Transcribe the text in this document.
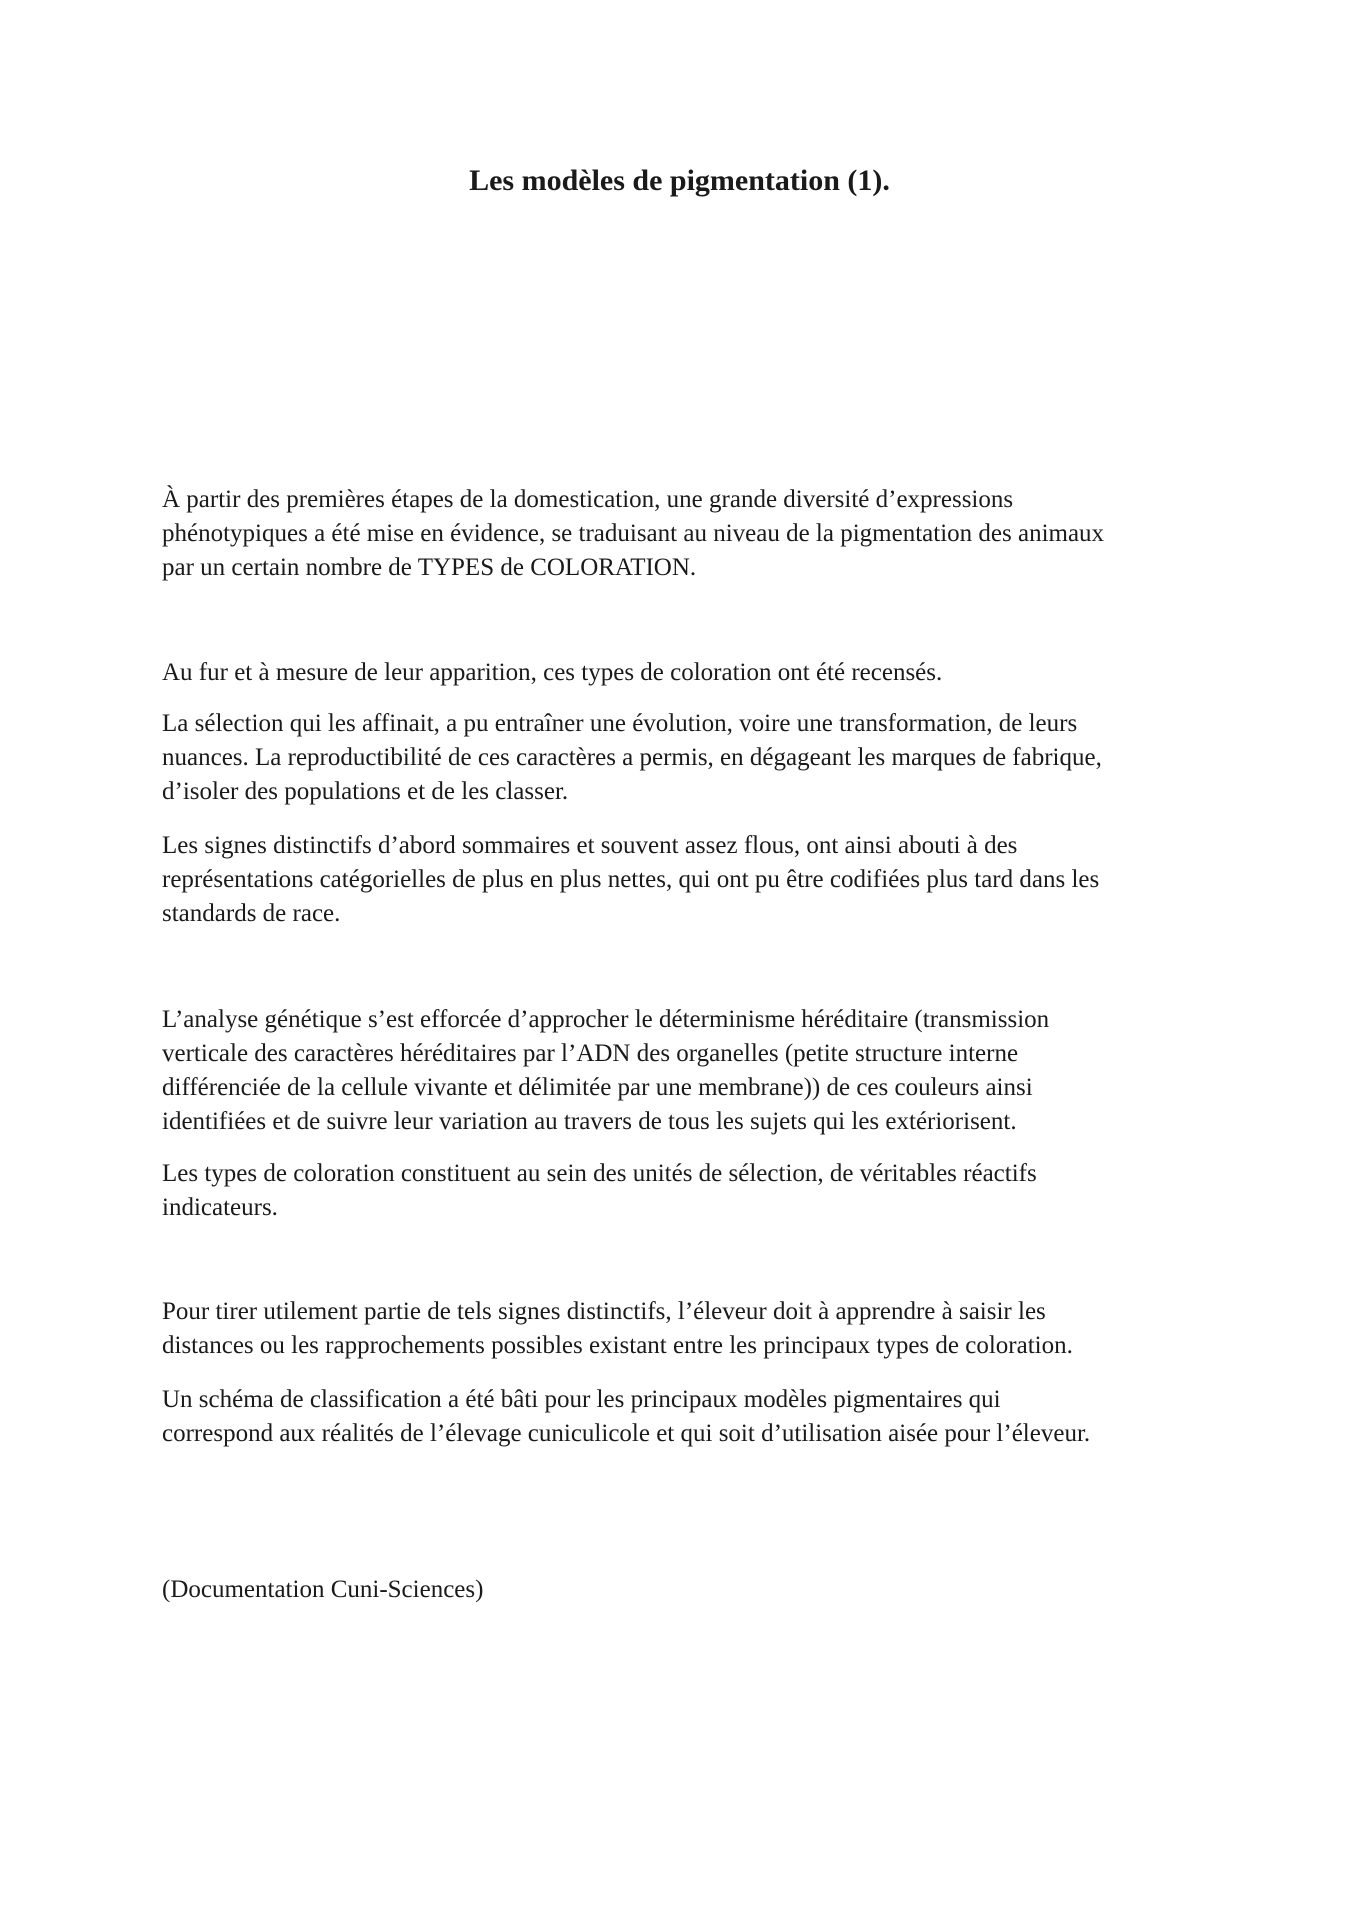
Les modèles de pigmentation (1).

À partir des premières étapes de la domestication, une grande diversité d’expressions
phénotypiques a été mise en évidence, se traduisant au niveau de la pigmentation des animaux
par un certain nombre de TYPES de COLORATION.

Au fur et à mesure de leur apparition, ces types de coloration ont été recensés.

La sélection qui les affinait, a pu entraîner une évolution, voire une transformation, de leurs
nuances. La reproductibilité de ces caractères a permis, en dégageant les marques de fabrique,
d’isoler des populations et de les classer.

Les signes distinctifs d’abord sommaires et souvent assez flous, ont ainsi abouti à des
représentations catégorielles de plus en plus nettes, qui ont pu être codifiées plus tard dans les
standards de race.

L’analyse génétique s’est efforcée d’approcher le déterminisme héréditaire (transmission
verticale des caractères héréditaires par l’ADN des organelles (petite structure interne
différenciée de la cellule vivante et délimitée par une membrane)) de ces couleurs ainsi
identifiées et de suivre leur variation au travers de tous les sujets qui les extériorisent.

Les types de coloration constituent au sein des unités de sélection, de véritables réactifs
indicateurs.

Pour tirer utilement partie de tels signes distinctifs, l’éleveur doit à apprendre à saisir les
distances ou les rapprochements possibles existant entre les principaux types de coloration.

Un schéma de classification a été bâti pour les principaux modèles pigmentaires qui
correspond aux réalités de l’élevage cuniculicole et qui soit d’utilisation aisée pour l’éleveur.

(Documentation Cuni-Sciences)
